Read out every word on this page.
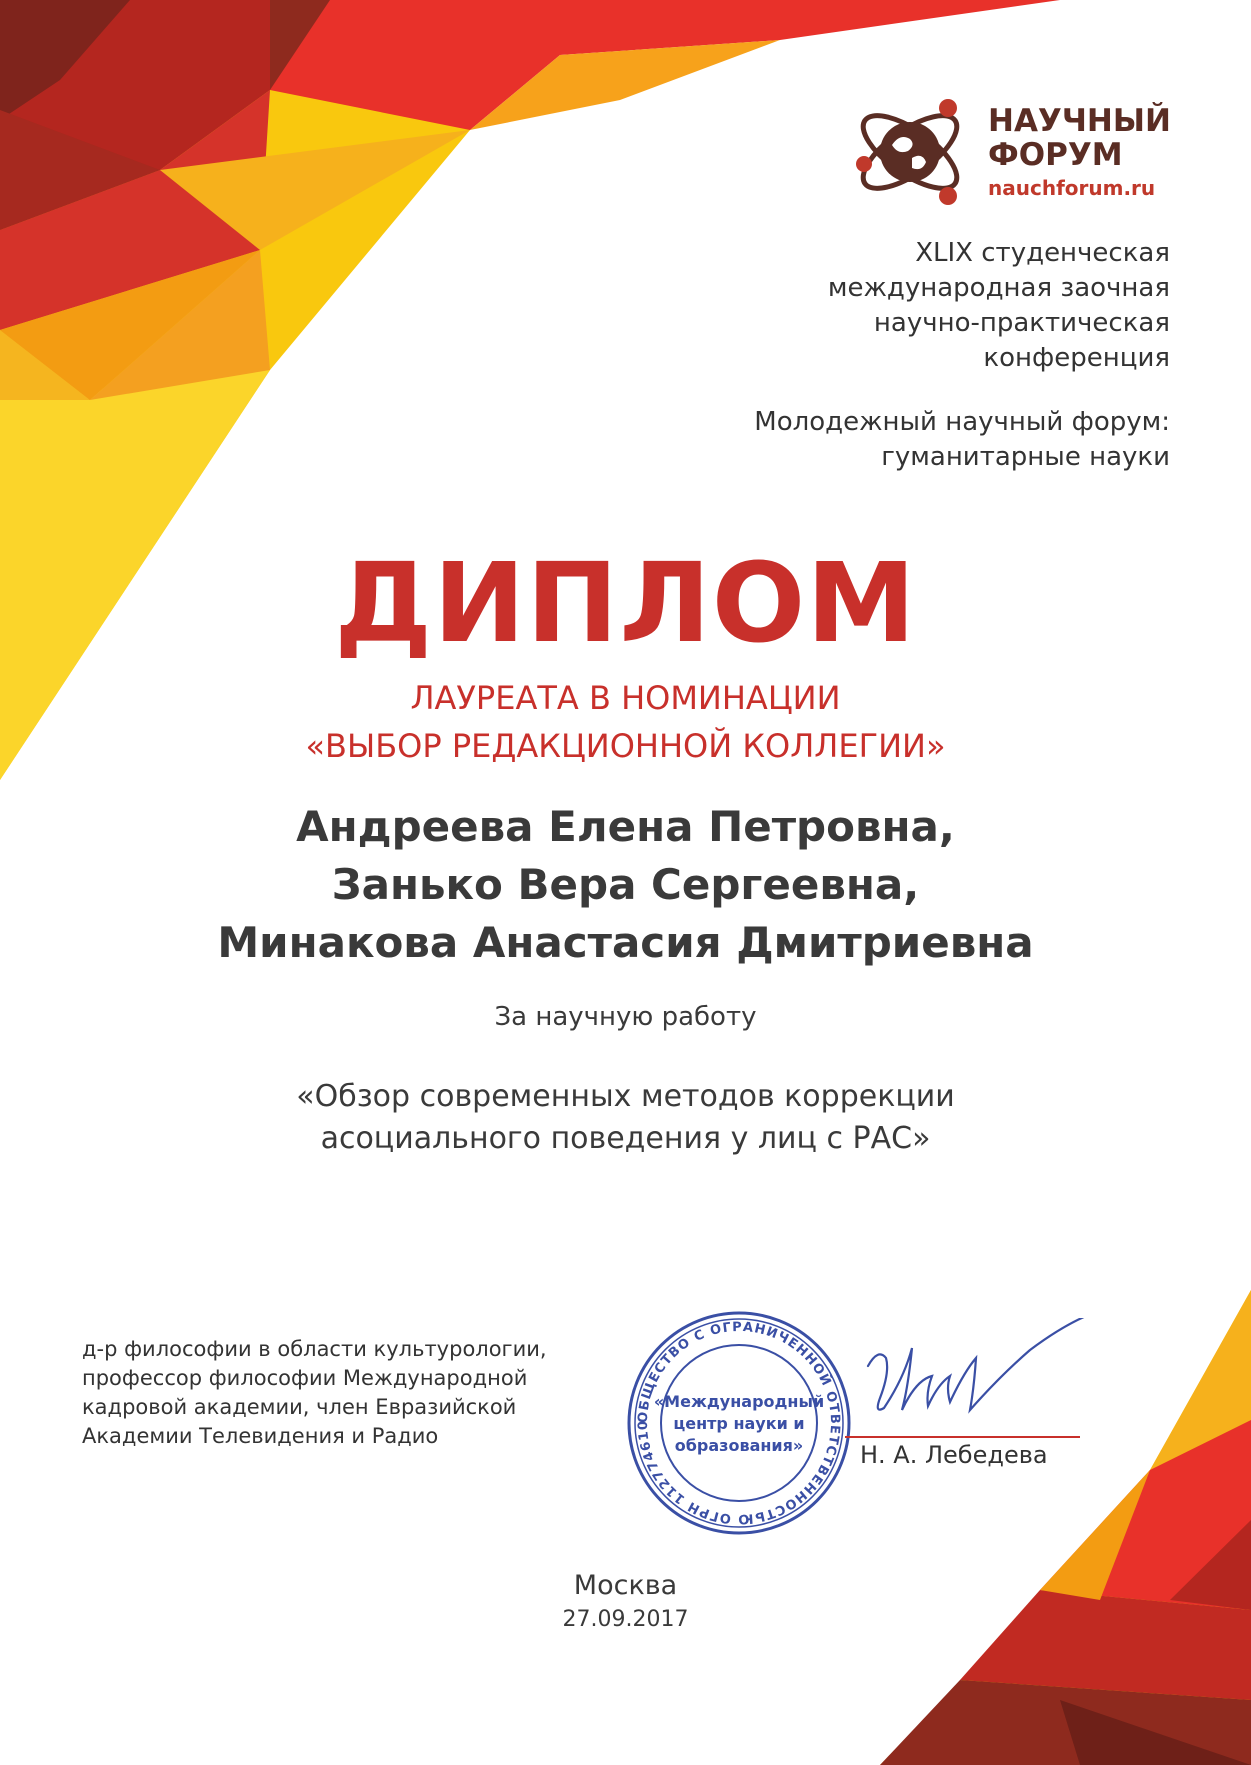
НАУЧНЫЙ
ФОРУМ
nauchforum.ru
XLIX студенческая
международная заочная
научно-практическая
конференция
Молодежный научный форум:
гуманитарные науки
ДИПЛОМ
ЛАУРЕАТА В НОМИНАЦИИ
«ВЫБОР РЕДАКЦИОННОЙ КОЛЛЕГИИ»
Андреева Елена Петровна,
Занько Вера Сергеевна,
Минакова Анастасия Дмитриевна
За научную работу
«Обзор современных методов коррекции
асоциального поведения у лиц с РАС»
д-р философии в области культурологии,
профессор философии Международной
кадровой академии, член Евразийской
Академии Телевидения и Радио
ОБЩЕСТВО С ОГРАНИЧЕННОЙ ОТВЕТСТВЕННОСТЬЮ ОГРН 112774610
«Международный
центр науки и
образования»	Н. А. Лебедева
Москва
27.09.2017
